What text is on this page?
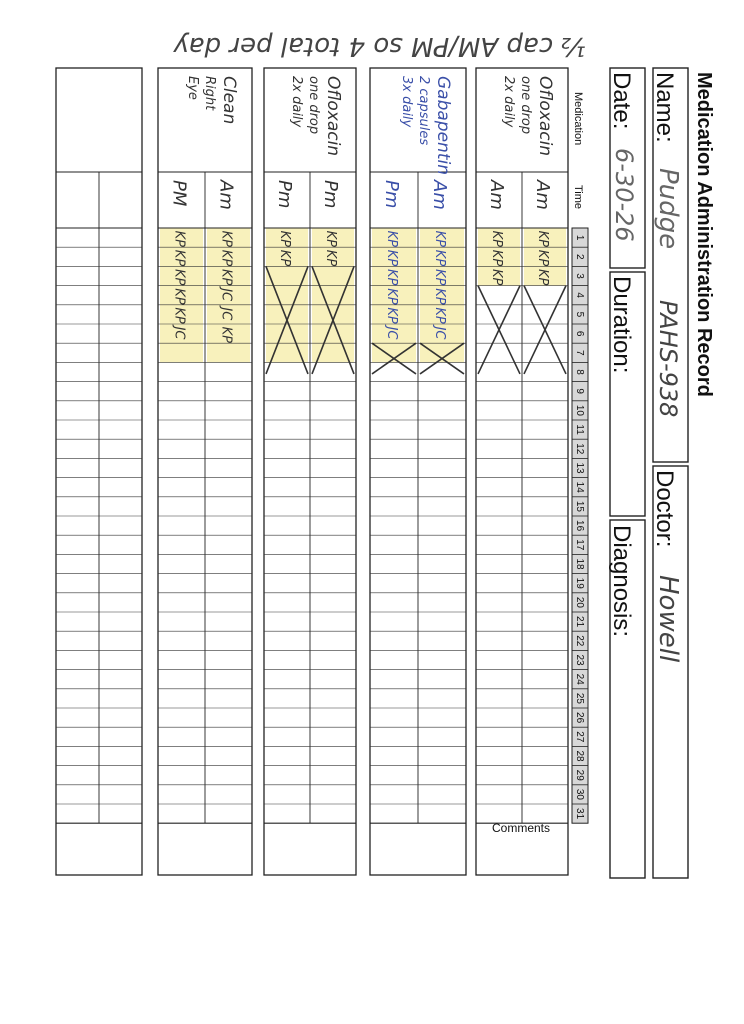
½ cap AM/PM so 4 total per day
Medication Administration Record
Name:
Pudge
PAHS-938
Doctor:
Howell
Date:
6-30-26
Duration:
Diagnosis:
Medication
Time
Comments
1
2
3
4
5
6
7
8
9
10
11
12
13
14
15
16
17
18
19
20
21
22
23
24
25
26
27
28
29
30
31
Ofloxacin
one drop
2x daily
Am
KP
KP
KP
Am
KP
KP
KP
Gabapentin
2 capsules
3x daily
Am
KP
KP
KP
KP
KP
JC
Pm
KP
KP
KP
KP
KP
JC
Ofloxacin
one drop
2x daily
Pm
KP
KP
Pm
KP
KP
Clean
Right
Eye
Am
KP
KP
KP
JC
JC
KP
PM
KP
KP
KP
KP
KP
JC
